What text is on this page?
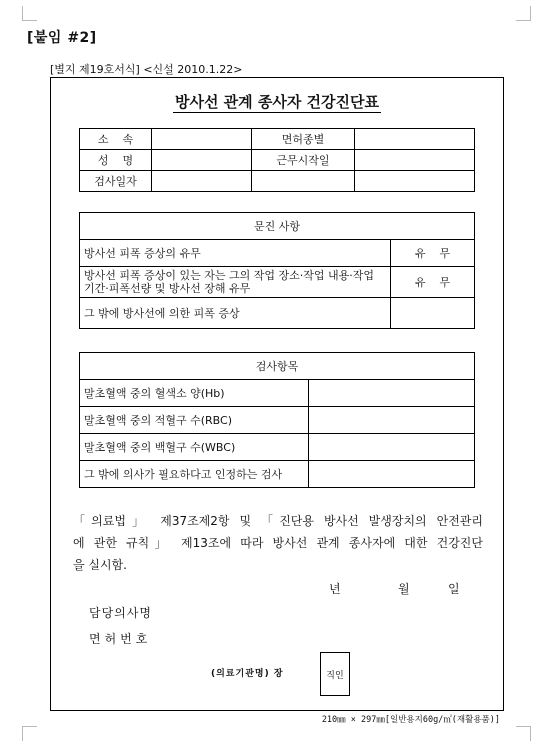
[붙임 #2]
[별지 제19호서식] <신설 2010.1.22>
방사선 관계 종사자 건강진단표
소    속		면허종별	
성    명		근무시작일	
검사일자			
문진 사항	
방사선 피폭 증상의 유무	유    무
방사선 피폭 증상이 있는 자는 그의 작업 장소·작업 내용·작업 기간·피폭선량 및 방사선 장해 유무	유    무
그 밖에 방사선에 의한 피폭 증상	
검사항목	
말초혈액 중의 혈색소 양(Hb)	
말초혈액 중의 적혈구 수(RBC)	
말초혈액 중의 백혈구 수(WBC)	
그 밖에 의사가 필요하다고 인정하는 검사	
「의료법」 제37조제2항 및 「진단용 방사선 발생장치의 안전관리
에 관한 규칙」 제13조에 따라 방사선 관계 종사자에 대한 건강진단
을 실시함.
년	월	일
담당의사명
면허번호
(의료기관명) 장	직인
210㎜ × 297㎜[일반용지60g/㎡(재활용품)]
